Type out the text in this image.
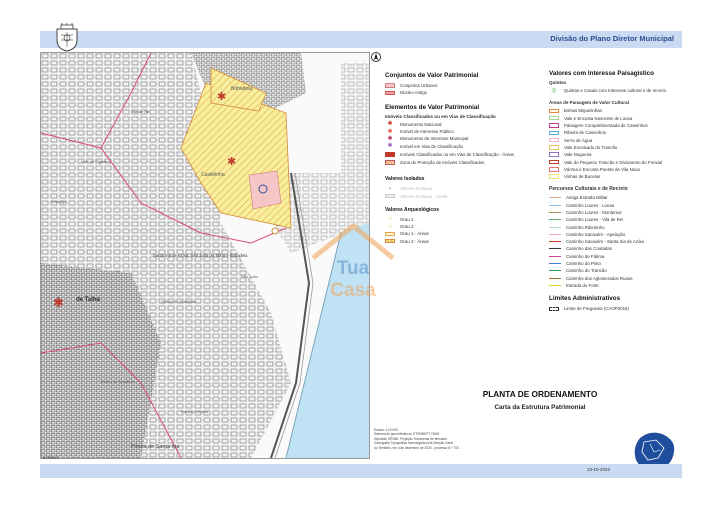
Divisão do Plano Diretor Municipal
✱
✱
✱
Santa Iria de Azóia, São João da Talha e Bobadela
de Talha
Bobadela
Castelinha
Vale de Figueira
Quinta do Brasileiro
Bairro do Brasileiro
Póvoa de Santa Iria
Parque Urbano
Vialonga
Vila de Rei
São João
Conjuntos de Valor Patrimonial
Conjuntos Urbanos
Núcleo Antigo
Elementos de Valor Patrimonial
Imóveis Classificados ou em Vias de Classificação
✱	Monumento Nacional
✱	Imóvel de Interesse Público
✱	Monumento de Interesse Municipal
✱	Imóvel em Vias de Classificação
Imóveis Classificados ou em Vias de Classificação - Áreas
Zona de Proteção de Imóveis Classificados
Valores Isolados
●	Valores Isolados
Valores Isolados - Áreas
Valores Arqueológicos
○	Grau 1
○	Grau 2
Grau 1 - Áreas
Grau 2 - Áreas
Valores com Interesse Paisagístico
Quintas
◎	Quintas e Casais com Interesse cultural e de recreio
Áreas de Paisagem de Valor Cultural
Bolsas Miguelinhas
Vale e Encosta Nascente de Lousa
Paisagem Compartimentada de Caseinhos
Ribeira de Caseinhos
Serra de Água
Vale Encaixado do Trancão
Vale Nogueira
Vale do Pequeno Trancão e Divisivento do Freixial
Várzea e Encosta Poente de Vila Nova
Vinhas de Bucelas
Percursos Culturais e de Recreio
Antiga Estrada Militar
Caminho Loures - Lousa
Caminho Loures - Montemor
Caminho Loures - Vila de Rei
Caminho Ribeirinho
Caminho Sacavém - Apelação
Caminho Sacavém - Santa Iria de Azóia
Caminho das Coutadas
Caminho de Fátima
Caminho do Pinto
Caminho do Trancão
Caminho dos Aglomerados Rurais
Estrada do Forte
Limites Administrativos
Limite de Freguesia (CAOP2016)
PLANTA DE ORDENAMENTO
Carta da Estrutura Patrimonial
Escala: 1:10 000
Sistema de georreferência: ETRS89/PT-TM06
Elipsóide GRS80, Projeção Transversa de Mercator
Cartografia Topográfica homologada pela Direção Geral
do Território, em 4 de dezembro de 2020 - processo N.º 705
A1700-01
13-10-2023
Tua
Casa
